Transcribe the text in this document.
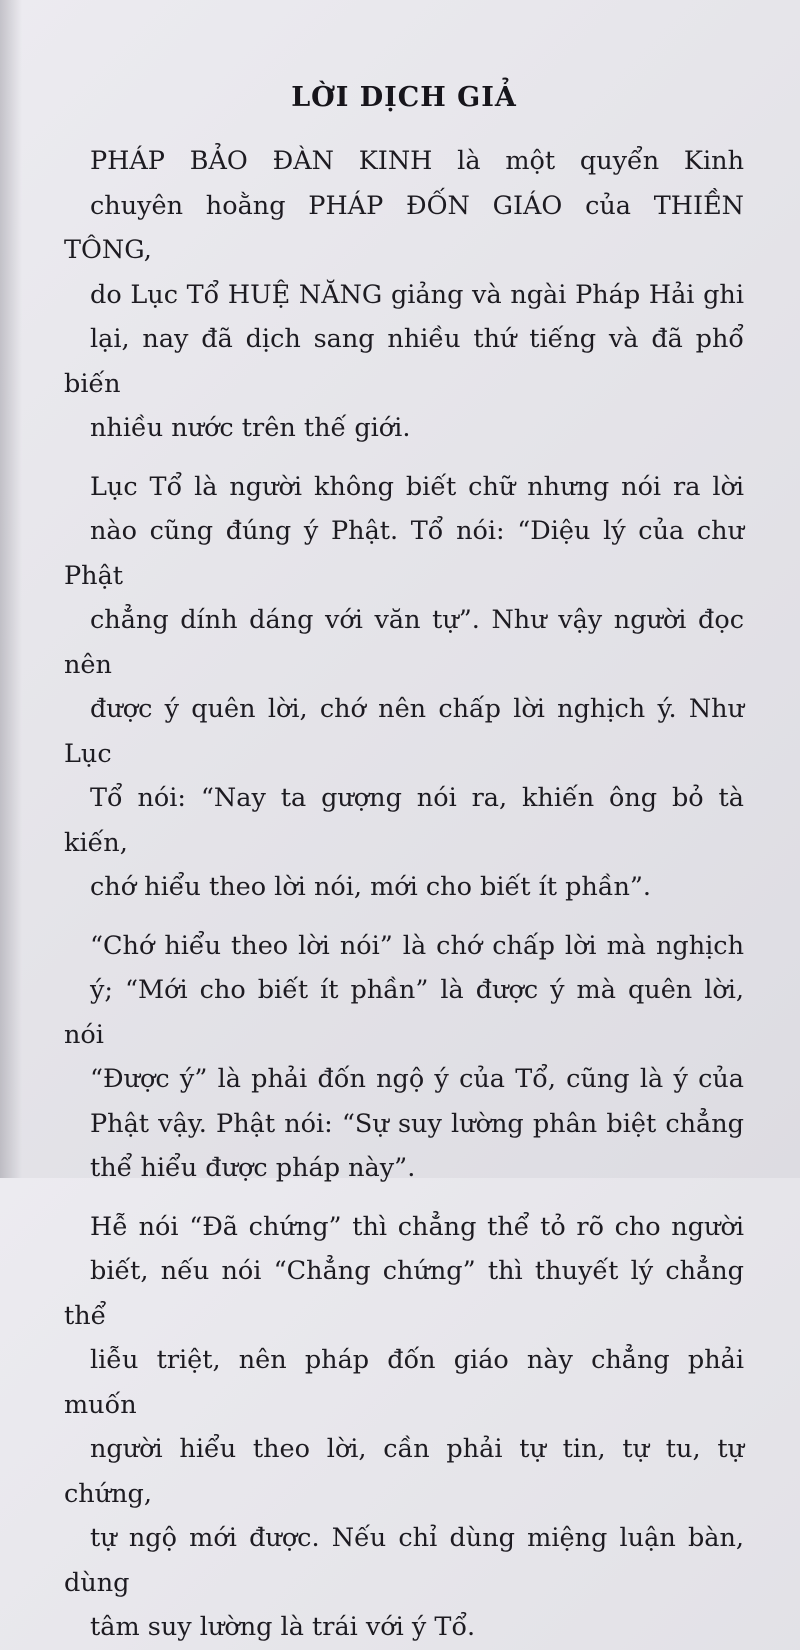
LỜI DỊCH GIẢ
PHÁP BẢO ĐÀN KINH là một quyển Kinh
chuyên hoằng PHÁP ĐỐN GIÁO của THIỀN TÔNG,
do Lục Tổ HUỆ NĂNG giảng và ngài Pháp Hải ghi
lại, nay đã dịch sang nhiều thứ tiếng và đã phổ biến
nhiều nước trên thế giới.
Lục Tổ là người không biết chữ nhưng nói ra lời
nào cũng đúng ý Phật. Tổ nói: “Diệu lý của chư Phật
chẳng dính dáng với văn tự”. Như vậy người đọc nên
được ý quên lời, chớ nên chấp lời nghịch ý. Như Lục
Tổ nói: “Nay ta gượng nói ra, khiến ông bỏ tà kiến,
chớ hiểu theo lời nói, mới cho biết ít phần”.
“Chớ hiểu theo lời nói” là chớ chấp lời mà nghịch
ý; “Mới cho biết ít phần” là được ý mà quên lời, nói
“Được ý” là phải đốn ngộ ý của Tổ, cũng là ý của
Phật vậy. Phật nói: “Sự suy lường phân biệt chẳng
thể hiểu được pháp này”.
Hễ nói “Đã chứng” thì chẳng thể tỏ rõ cho người
biết, nếu nói “Chẳng chứng” thì thuyết lý chẳng thể
liễu triệt, nên pháp đốn giáo này chẳng phải muốn
người hiểu theo lời, cần phải tự tin, tự tu, tự chứng,
tự ngộ mới được. Nếu chỉ dùng miệng luận bàn, dùng
tâm suy lường là trái với ý Tổ.
